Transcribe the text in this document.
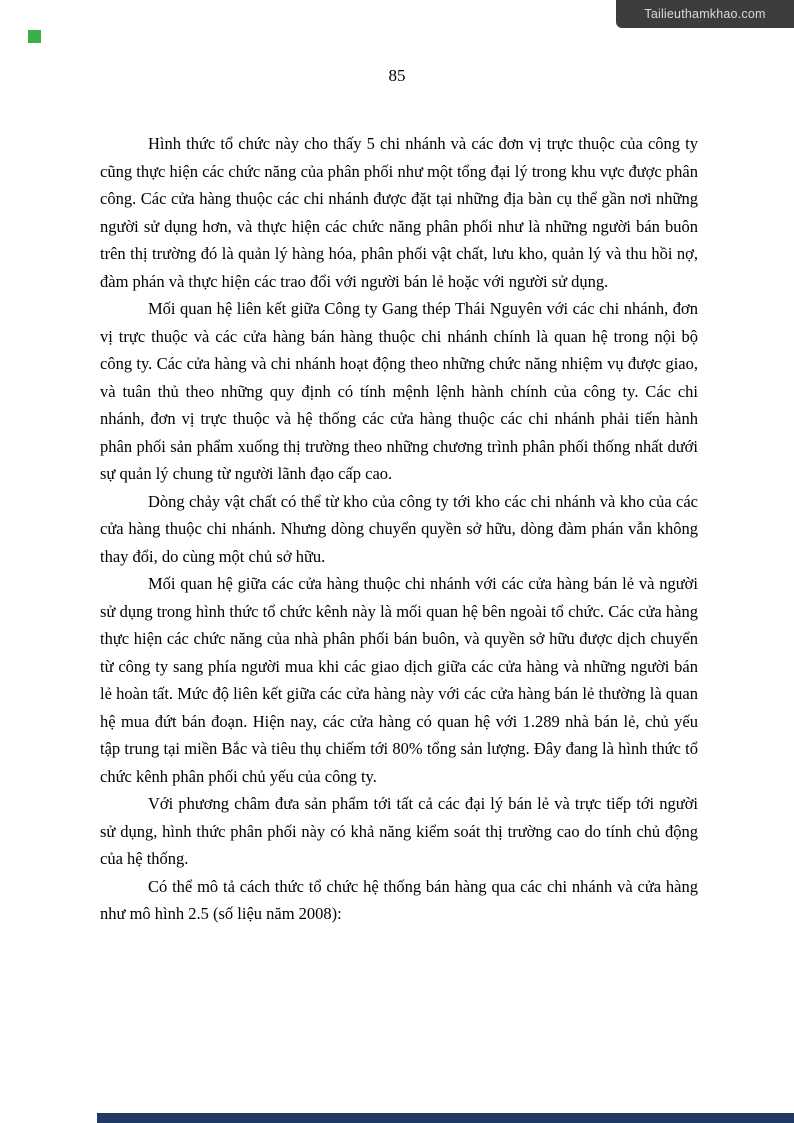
Tailieuthamkhao.com
85

Hình thức tổ chức này cho thấy 5 chi nhánh và các đơn vị trực thuộc của công ty cũng thực hiện các chức năng của phân phối như một tổng đại lý trong khu vực được phân công. Các cửa hàng thuộc các chi nhánh được đặt tại những địa bàn cụ thể gần nơi những người sử dụng hơn, và thực hiện các chức năng phân phối như là những người bán buôn trên thị trường đó là quản lý hàng hóa, phân phối vật chất, lưu kho, quản lý và thu hồi nợ, đàm phán và thực hiện các trao đổi với người bán lẻ hoặc với người sử dụng.

Mối quan hệ liên kết giữa Công ty Gang thép Thái Nguyên với các chi nhánh, đơn vị trực thuộc và các cửa hàng bán hàng thuộc chi nhánh chính là quan hệ trong nội bộ công ty. Các cửa hàng và chi nhánh hoạt động theo những chức năng nhiệm vụ được giao, và tuân thủ theo những quy định có tính mệnh lệnh hành chính của công ty. Các chi nhánh, đơn vị trực thuộc và hệ thống các cửa hàng thuộc các chi nhánh phải tiến hành phân phối sản phẩm xuống thị trường theo những chương trình phân phối thống nhất dưới sự quản lý chung từ người lãnh đạo cấp cao.

Dòng chảy vật chất có thể từ kho của công ty tới kho các chi nhánh và kho của các cửa hàng thuộc chi nhánh. Nhưng dòng chuyển quyền sở hữu, dòng đàm phán vẫn không thay đổi, do cùng một chủ sở hữu.

Mối quan hệ giữa các cửa hàng thuộc chi nhánh với các cửa hàng bán lẻ và người sử dụng trong hình thức tổ chức kênh này là mối quan hệ bên ngoài tổ chức. Các cửa hàng thực hiện các chức năng của nhà phân phối bán buôn, và quyền sở hữu được dịch chuyển từ công ty sang phía người mua khi các giao dịch giữa các cửa hàng và những người bán lẻ hoàn tất. Mức độ liên kết giữa các cửa hàng này với các cửa hàng bán lẻ thường là quan hệ mua đứt bán đoạn. Hiện nay, các cửa hàng có quan hệ với 1.289 nhà bán lẻ, chủ yếu tập trung tại miền Bắc và tiêu thụ chiếm tới 80% tổng sản lượng. Đây đang là hình thức tổ chức kênh phân phối chủ yếu của công ty.

Với phương châm đưa sản phẩm tới tất cả các đại lý bán lẻ và trực tiếp tới người sử dụng, hình thức phân phối này có khả năng kiểm soát thị trường cao do tính chủ động của hệ thống.

Có thể mô tả cách thức tổ chức hệ thống bán hàng qua các chi nhánh và cửa hàng như mô hình 2.5 (số liệu năm 2008):
